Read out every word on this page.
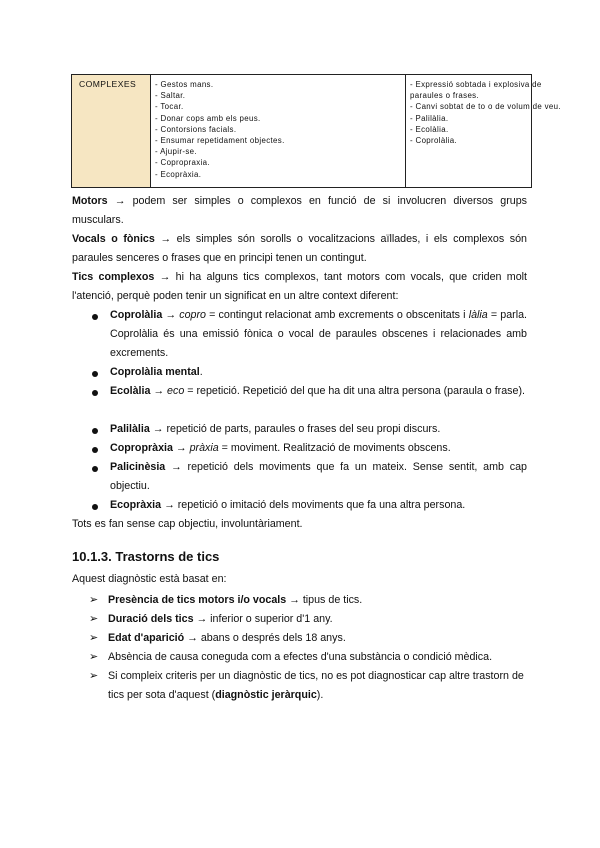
COMPLEXES - Gestos mans.
- Saltar.
- Tocar.
- Donar cops amb els peus.
- Contorsions facials.
- Ensumar repetidament objectes.
- Ajupir-se.
- Copropraxia.
- Ecopràxia.
- Expressió sobtada i explosiva de paraules o frases.
- Canvi sobtat de to o de volum de veu.
- Palilàlia.
- Ecolàlia.
- Coprolàlia.
Motors → podem ser simples o complexos en funció de si involucren diversos grups musculars.
Vocals o fònics → els simples són sorolls o vocalitzacions aïllades, i els complexos són paraules senceres o frases que en principi tenen un contingut.
Tics complexos → hi ha alguns tics complexos, tant motors com vocals, que criden molt l'atenció, perquè poden tenir un significat en un altre context diferent:
Coprolàlia → copro = contingut relacionat amb excrements o obscenitats i làlia = parla. Coprolàlia és una emissió fònica o vocal de paraules obscenes i relacionades amb excrements.
Coprolàlia mental.
Ecolàlia → eco = repetició. Repetició del que ha dit una altra persona (paraula o frase).
Palilàlia → repetició de parts, paraules o frases del seu propi discurs.
Copropràxia → pràxia = moviment. Realització de moviments obscens.
Palicinèsia → repetició dels moviments que fa un mateix. Sense sentit, amb cap objectiu.
Ecopràxia → repetició o imitació dels moviments que fa una altra persona.
Tots es fan sense cap objectiu, involuntàriament.
10.1.3. Trastorns de tics
Aquest diagnòstic està basat en:
➢ Presència de tics motors i/o vocals → tipus de tics.
➢ Duració dels tics → inferior o superior d'1 any.
➢ Edat d'aparició → abans o després dels 18 anys.
➢ Absència de causa coneguda com a efectes d'una substància o condició mèdica.
➢ Si compleix criteris per un diagnòstic de tics, no es pot diagnosticar cap altre trastorn de tics per sota d'aquest (diagnòstic jeràrquic).
